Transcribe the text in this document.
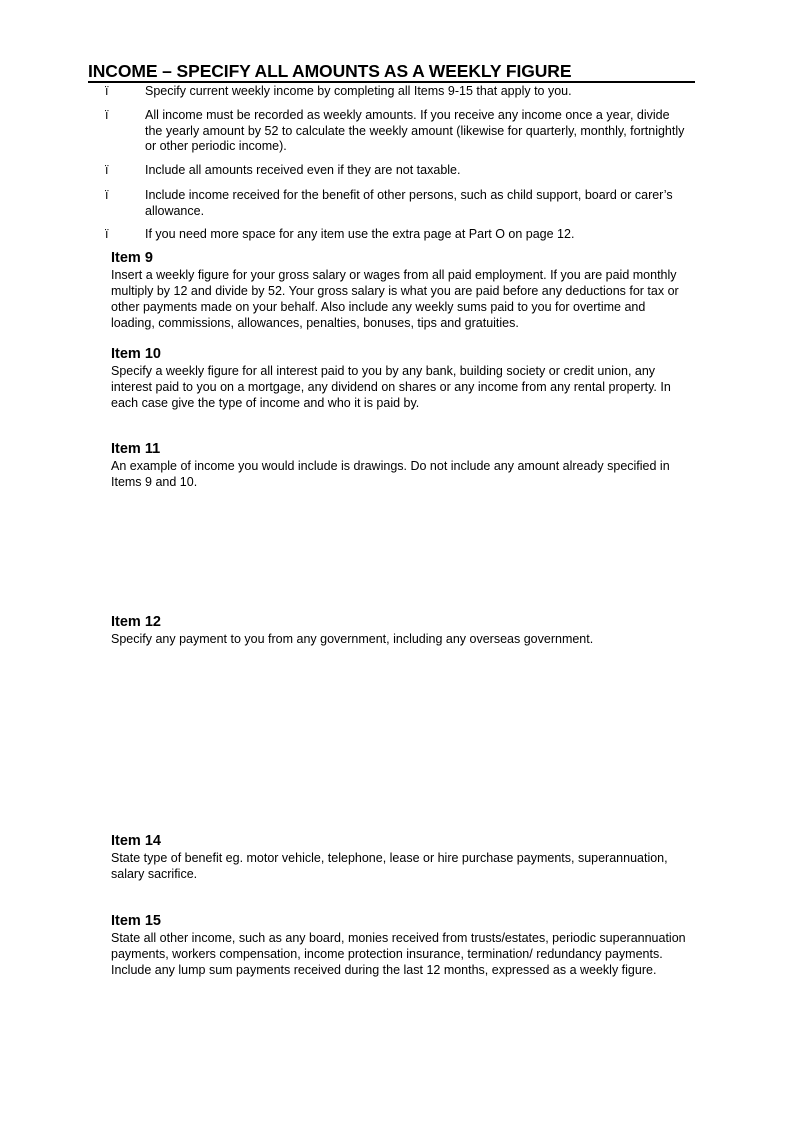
INCOME – SPECIFY ALL AMOUNTS AS A WEEKLY FIGURE
ï	Specify current weekly income by completing all Items 9-15 that apply to you.
ï	All income must be recorded as weekly amounts. If you receive any income once a year, divide the yearly amount by 52 to calculate the weekly amount (likewise for quarterly, monthly, fortnightly or other periodic income).
ï	Include all amounts received even if they are not taxable.
ï	Include income received for the benefit of other persons, such as child support, board or carer’s allowance.
ï	If you need more space for any item use the extra page at Part O on page 12.
Item 9

Insert a weekly figure for your gross salary or wages from all paid employment. If you are paid monthly multiply by 12 and divide by 52. Your gross salary is what you are paid before any deductions for tax or other payments made on your behalf. Also include any weekly sums paid to you for overtime and loading, commissions, allowances, penalties, bonuses, tips and gratuities.

Item 10

Specify a weekly figure for all interest paid to you by any bank, building society or credit union, any interest paid to you on a mortgage, any dividend on shares or any income from any rental property. In each case give the type of income and who it is paid by.

Item 11

An example of income you would include is drawings. Do not include any amount already specified in Items 9 and 10.

Item 12

Specify any payment to you from any government, including any overseas government.

Item 14

State type of benefit eg. motor vehicle, telephone, lease or hire purchase payments, superannuation, salary sacrifice.

Item 15

State all other income, such as any board, monies received from trusts/estates, periodic superannuation payments, workers compensation, income protection insurance, termination/ redundancy payments. Include any lump sum payments received during the last 12 months, expressed as a weekly figure.
